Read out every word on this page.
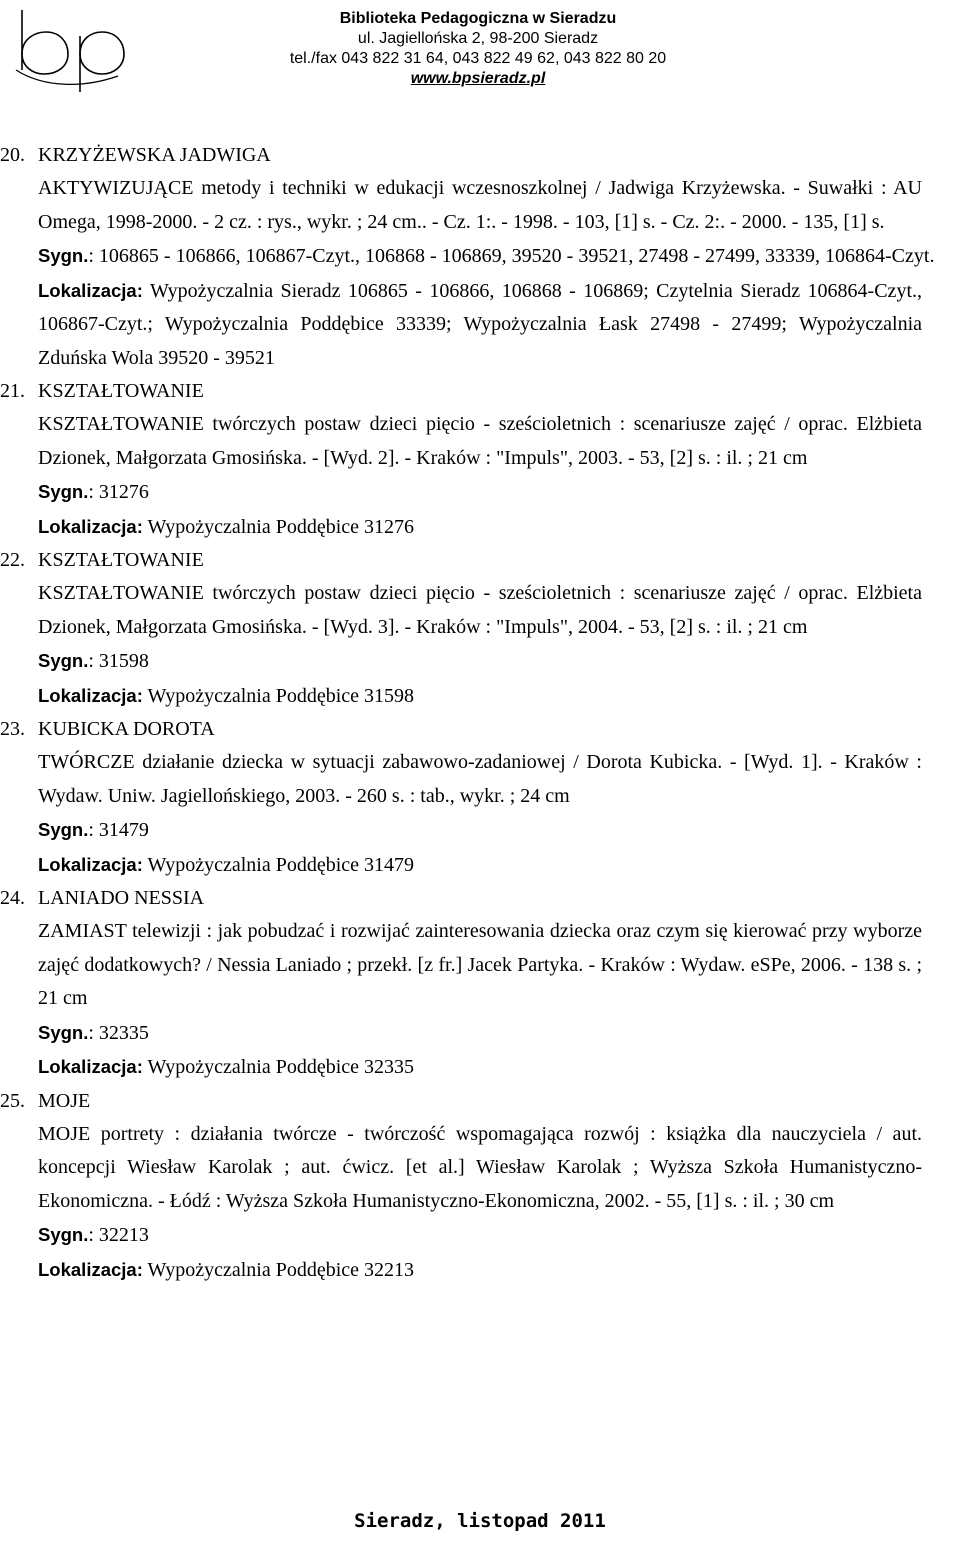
Biblioteka Pedagogiczna w Sieradzu
ul. Jagiellońska 2, 98-200 Sieradz
tel./fax 043 822 31 64, 043 822 49 62, 043 822 80 20
www.bpsieradz.pl
20. KRZYŻEWSKA JADWIGA
AKTYWIZUJĄCE metody i techniki w edukacji wczesnoszkolnej / Jadwiga Krzyżewska. - Suwałki : AU Omega, 1998-2000. - 2 cz. : rys., wykr. ; 24 cm.. - Cz. 1:. - 1998. - 103, [1] s. - Cz. 2:. - 2000. - 135, [1] s.
Sygn.: 106865 - 106866, 106867-Czyt., 106868 - 106869, 39520 - 39521, 27498 - 27499, 33339, 106864-Czyt.
Lokalizacja: Wypożyczalnia Sieradz 106865 - 106866, 106868 - 106869; Czytelnia Sieradz 106864-Czyt., 106867-Czyt.; Wypożyczalnia Poddębice 33339; Wypożyczalnia Łask 27498 - 27499; Wypożyczalnia Zduńska Wola 39520 - 39521
21. KSZTAŁTOWANIE
KSZTAŁTOWANIE twórczych postaw dzieci pięcio - sześcioletnich : scenariusze zajęć / oprac. Elżbieta Dzionek, Małgorzata Gmosińska. - [Wyd. 2]. - Kraków : "Impuls", 2003. - 53, [2] s. : il. ; 21 cm
Sygn.: 31276
Lokalizacja: Wypożyczalnia Poddębice 31276
22. KSZTAŁTOWANIE
KSZTAŁTOWANIE twórczych postaw dzieci pięcio - sześcioletnich : scenariusze zajęć / oprac. Elżbieta Dzionek, Małgorzata Gmosińska. - [Wyd. 3]. - Kraków : "Impuls", 2004. - 53, [2] s. : il. ; 21 cm
Sygn.: 31598
Lokalizacja: Wypożyczalnia Poddębice 31598
23. KUBICKA DOROTA
TWÓRCZE działanie dziecka w sytuacji zabawowo-zadaniowej / Dorota Kubicka. - [Wyd. 1]. - Kraków : Wydaw. Uniw. Jagiellońskiego, 2003. - 260 s. : tab., wykr. ; 24 cm
Sygn.: 31479
Lokalizacja: Wypożyczalnia Poddębice 31479
24. LANIADO NESSIA
ZAMIAST telewizji : jak pobudzać i rozwijać zainteresowania dziecka oraz czym się kierować przy wyborze zajęć dodatkowych? / Nessia Laniado ; przekł. [z fr.] Jacek Partyka. - Kraków : Wydaw. eSPe, 2006. - 138 s. ; 21 cm
Sygn.: 32335
Lokalizacja: Wypożyczalnia Poddębice 32335
25. MOJE
MOJE portrety : działania twórcze - twórczość wspomagająca rozwój : książka dla nauczyciela / aut. koncepcji Wiesław Karolak ; aut. ćwicz. [et al.] Wiesław Karolak ; Wyższa Szkoła Humanistyczno-Ekonomiczna. - Łódź : Wyższa Szkoła Humanistyczno-Ekonomiczna, 2002. - 55, [1] s. : il. ; 30 cm
Sygn.: 32213
Lokalizacja: Wypożyczalnia Poddębice 32213
Sieradz, listopad 2011
